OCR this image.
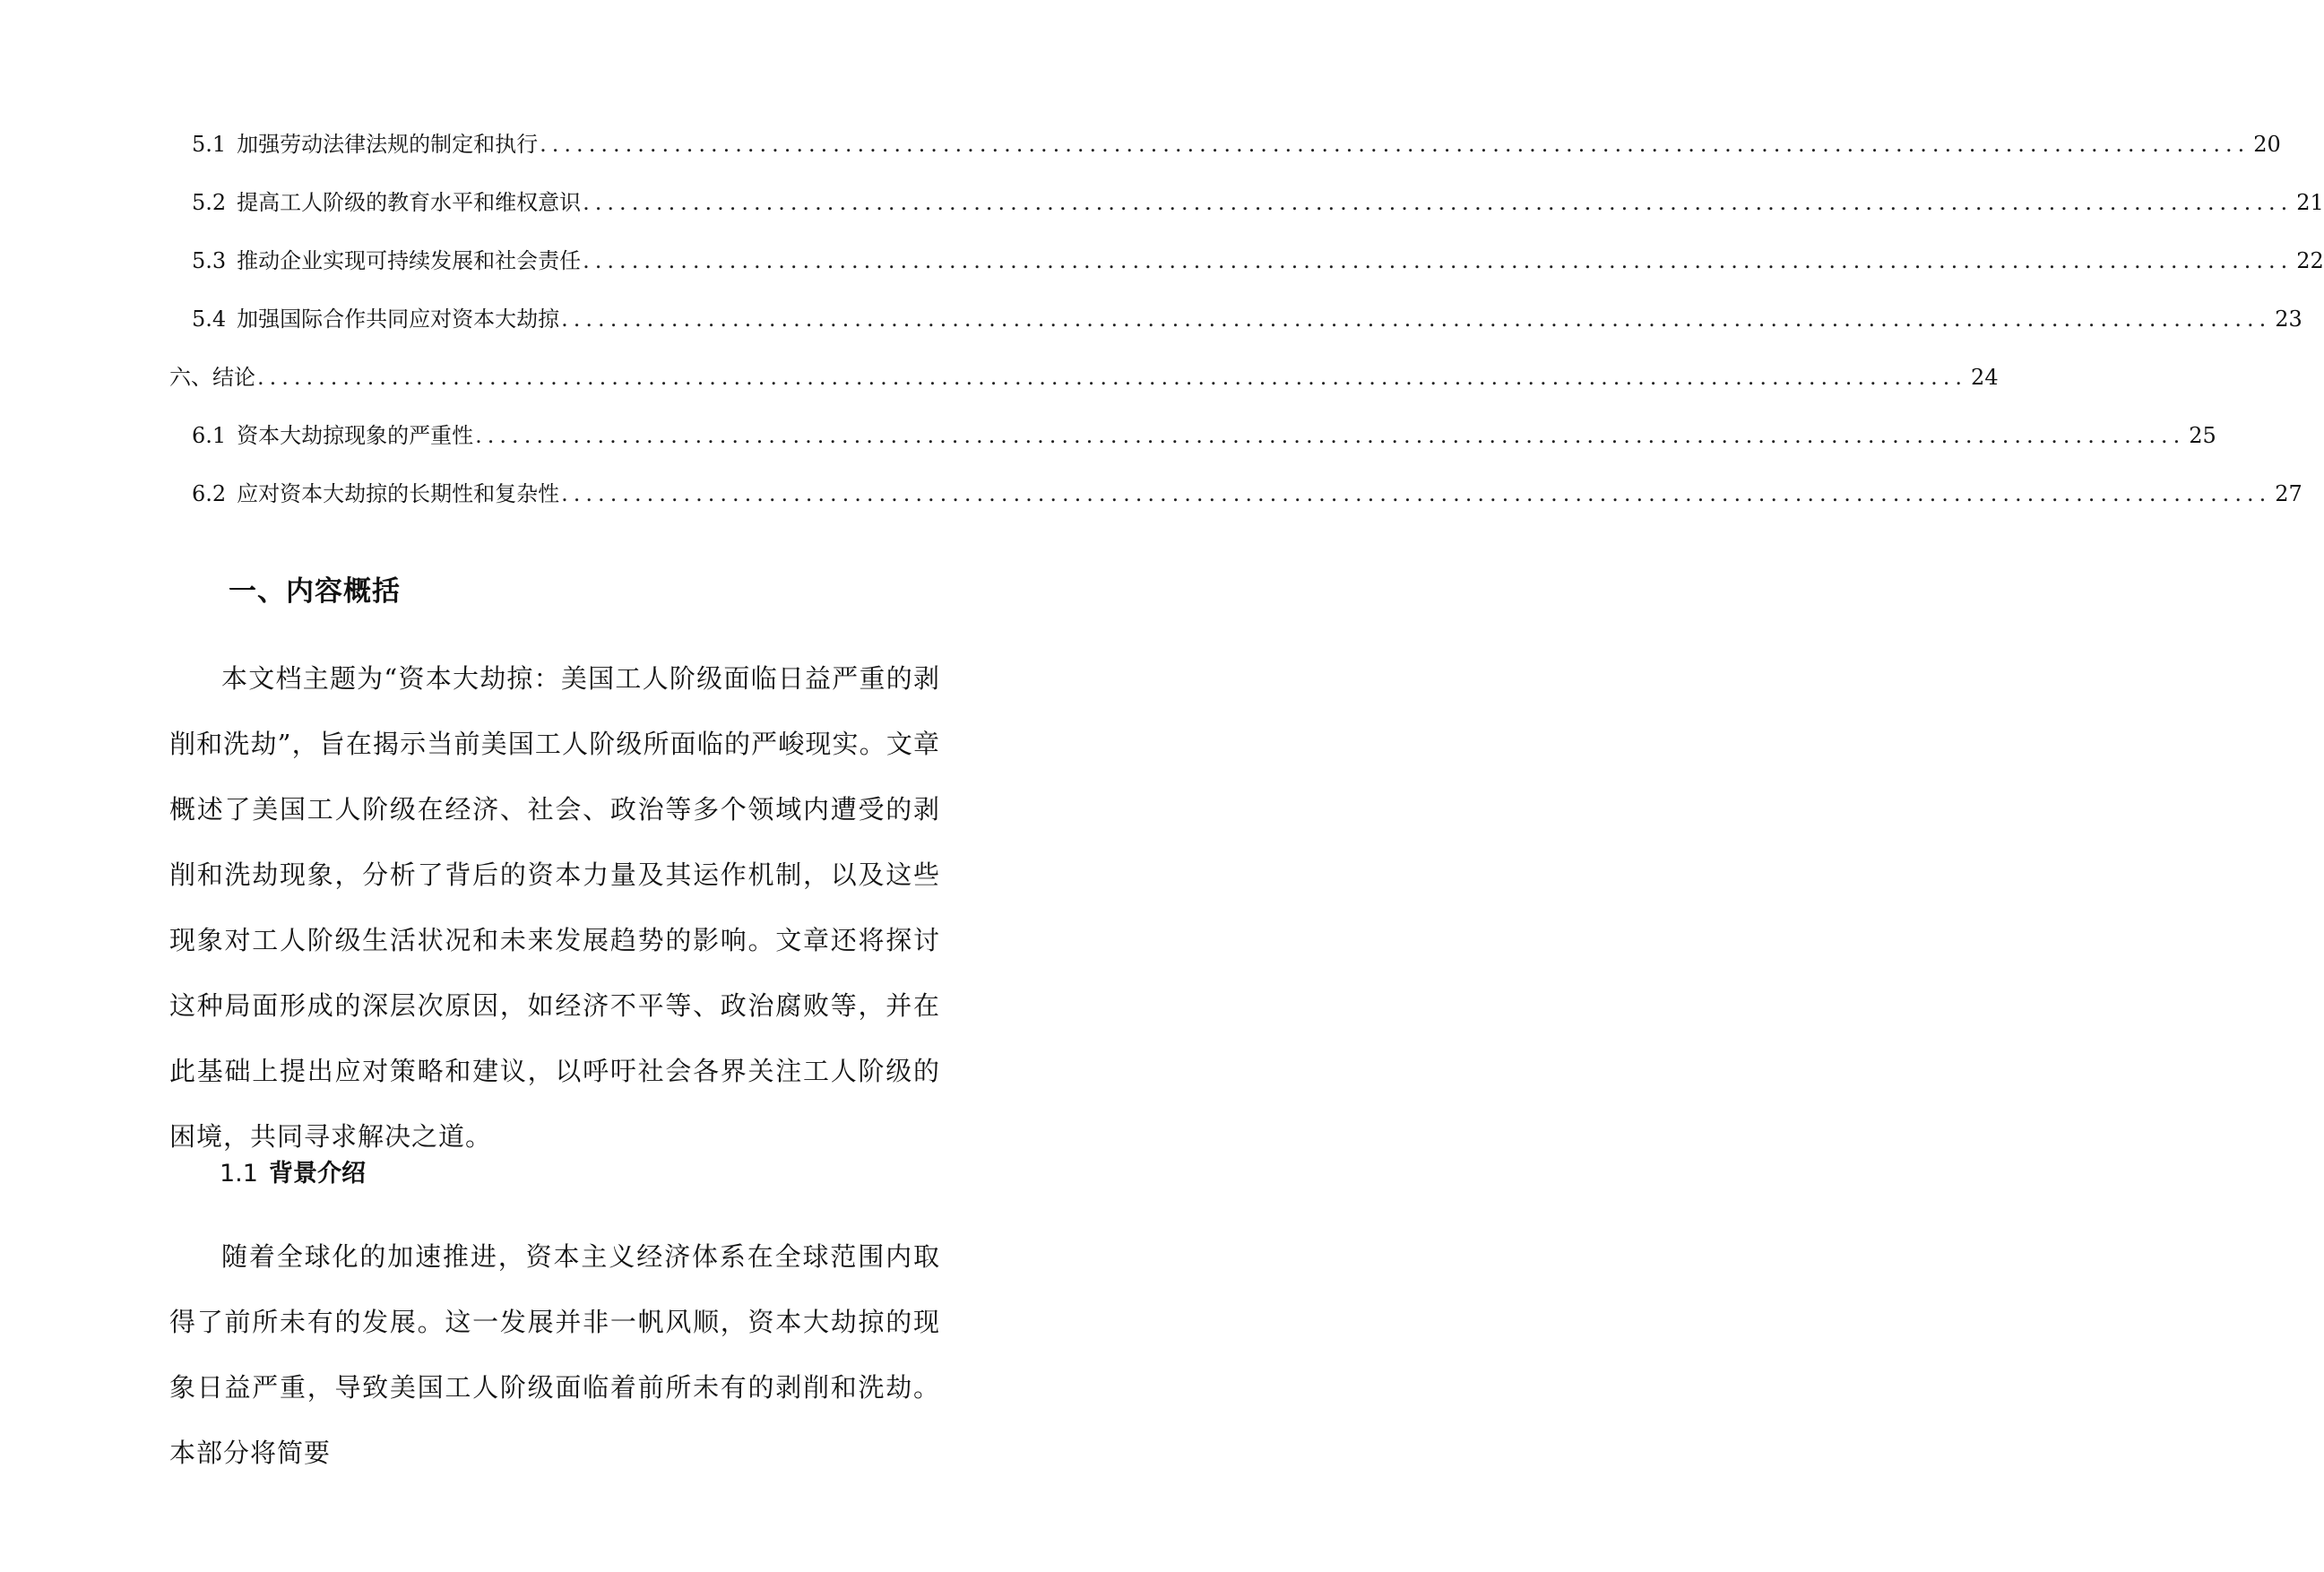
5.1 加强劳动法律法规的制定和执行 .....	20
5.2 提高工人阶级的教育水平和维权意识 .....	21
5.3 推动企业实现可持续发展和社会责任 .....	22
5.4 加强国际合作共同应对资本大劫掠 .....	23
六、结论 .....	24
6.1 资本大劫掠现象的严重性 .....	25
6.2 应对资本大劫掠的长期性和复杂性 .....	27
一、内容概括

本文档主题为“资本大劫掠：美国工人阶级面临日益严重的剥削和洗劫”，旨在揭示当前美国工人阶级所面临的严峻现实。文章概述了美国工人阶级在经济、社会、政治等多个领域内遭受的剥削和洗劫现象，分析了背后的资本力量及其运作机制，以及这些现象对工人阶级生活状况和未来发展趋势的影响。文章还将探讨这种局面形成的深层次原因，如经济不平等、政治腐败等，并在此基础上提出应对策略和建议，以呼吁社会各界关注工人阶级的困境，共同寻求解决之道。

1.1 背景介绍

随着全球化的加速推进，资本主义经济体系在全球范围内取得了前所未有的发展。这一发展并非一帆风顺，资本大劫掠的现象日益严重，导致美国工人阶级面临着前所未有的剥削和洗劫。本部分将简要
